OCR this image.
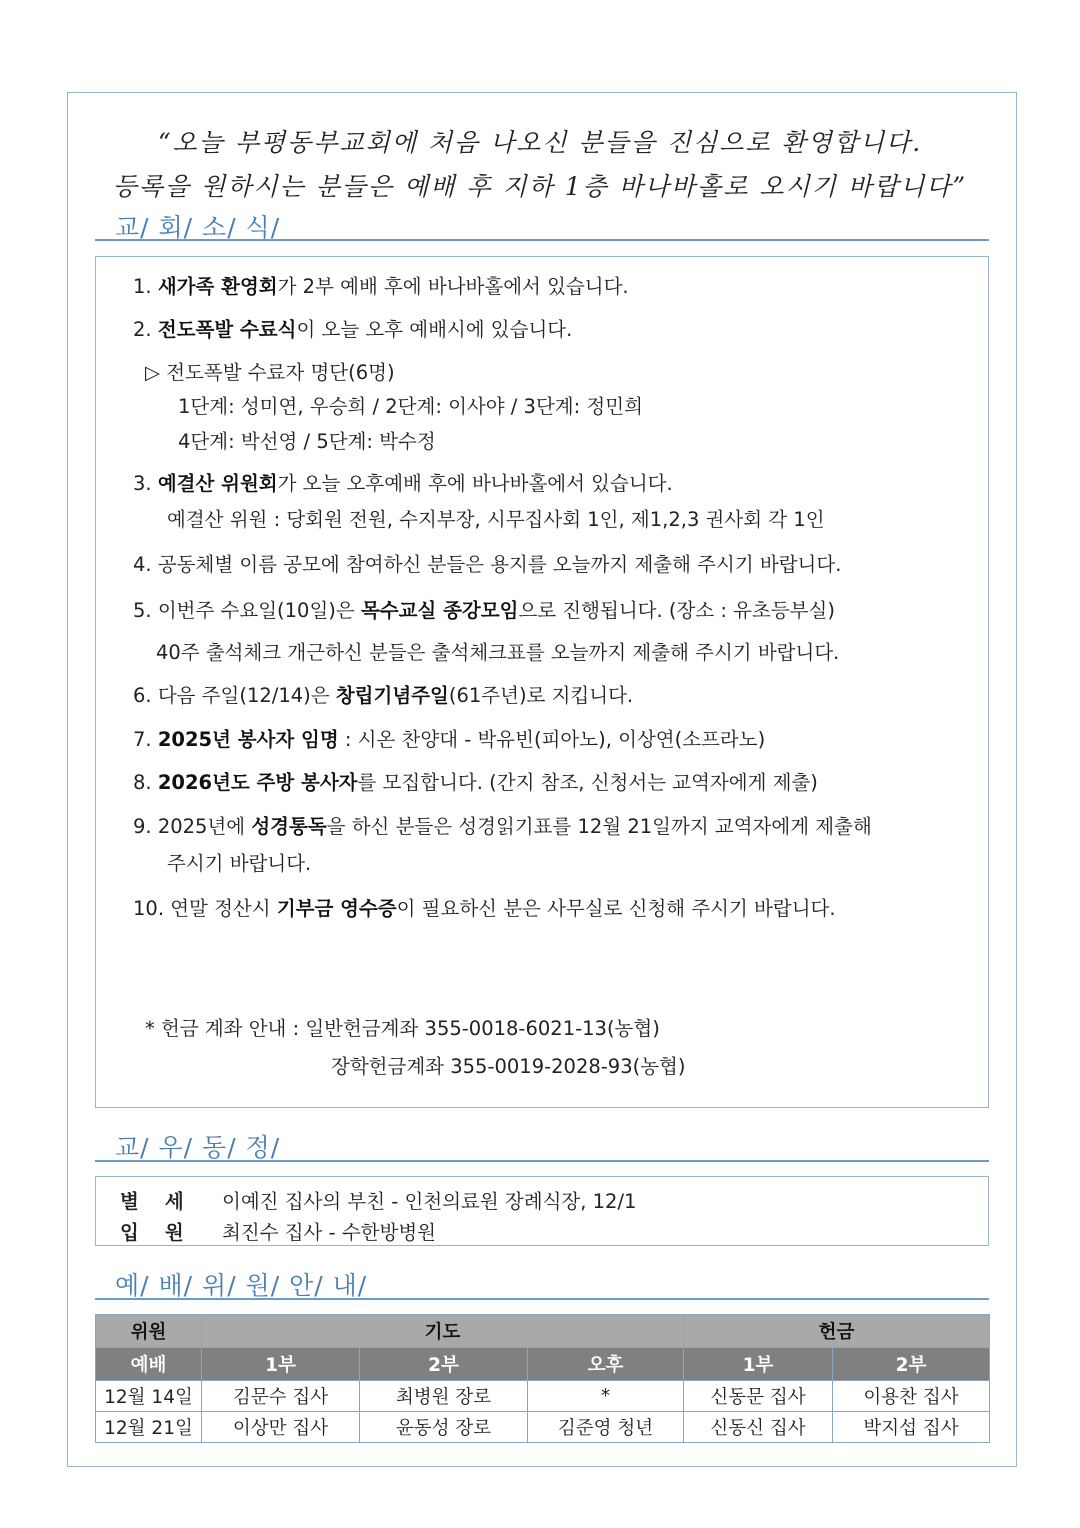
“오늘 부평동부교회에 처음 나오신 분들을 진심으로 환영합니다.
등록을 원하시는 분들은 예배 후 지하 1층 바나바홀로 오시기 바랍니다”
교/ 회/ 소/ 식/
1. 새가족 환영회가 2부 예배 후에 바나바홀에서 있습니다.
2. 전도폭발 수료식이 오늘 오후 예배시에 있습니다.
▷ 전도폭발 수료자 명단(6명)
1단계: 성미연, 우승희 / 2단계: 이사야 / 3단계: 정민희
4단계: 박선영 / 5단계: 박수정
3. 예결산 위원회가 오늘 오후예배 후에 바나바홀에서 있습니다.
예결산 위원 : 당회원 전원, 수지부장, 시무집사회 1인, 제1,2,3 권사회 각 1인
4. 공동체별 이름 공모에 참여하신 분들은 용지를 오늘까지 제출해 주시기 바랍니다.
5. 이번주 수요일(10일)은 목수교실 종강모임으로 진행됩니다. (장소 : 유초등부실)
40주 출석체크 개근하신 분들은 출석체크표를 오늘까지 제출해 주시기 바랍니다.
6. 다음 주일(12/14)은 창립기념주일(61주년)로 지킵니다.
7. 2025년 봉사자 임명 : 시온 찬양대 - 박유빈(피아노), 이상연(소프라노)
8. 2026년도 주방 봉사자를 모집합니다. (간지 참조, 신청서는 교역자에게 제출)
9. 2025년에 성경통독을 하신 분들은 성경읽기표를 12월 21일까지 교역자에게 제출해
주시기 바랍니다.
10. 연말 정산시 기부금 영수증이 필요하신 분은 사무실로 신청해 주시기 바랍니다.
* 헌금 계좌 안내 : 일반헌금계좌 355-0018-6021-13(농협)
장학헌금계좌 355-0019-2028-93(농협)
교/ 우/ 동/ 정/
별세 이예진 집사의 부친 - 인천의료원 장례식장, 12/1
입원 최진수 집사 - 수한방병원
예/ 배/ 위/ 원/ 안/ 내/
위원	기도			헌금	
예배	1부	2부	오후	1부	2부
12월 14일	김문수 집사	최병원 장로	*	신동문 집사	이용찬 집사
12월 21일	이상만 집사	윤동성 장로	김준영 청년	신동신 집사	박지섭 집사
